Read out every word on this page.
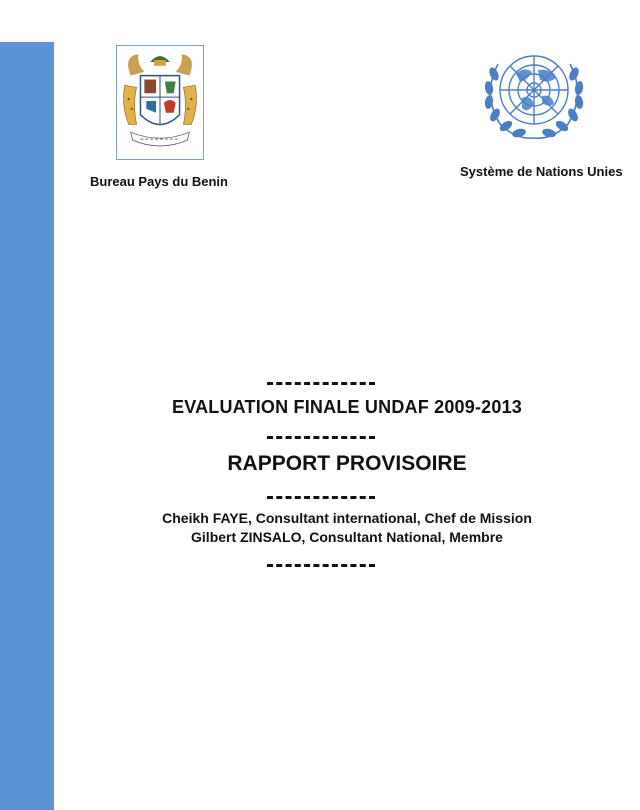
Bureau Pays du Benin
Système de Nations Unies
EVALUATION FINALE UNDAF 2009-2013
RAPPORT PROVISOIRE
Cheikh FAYE, Consultant international, Chef de Mission
Gilbert ZINSALO, Consultant National, Membre
